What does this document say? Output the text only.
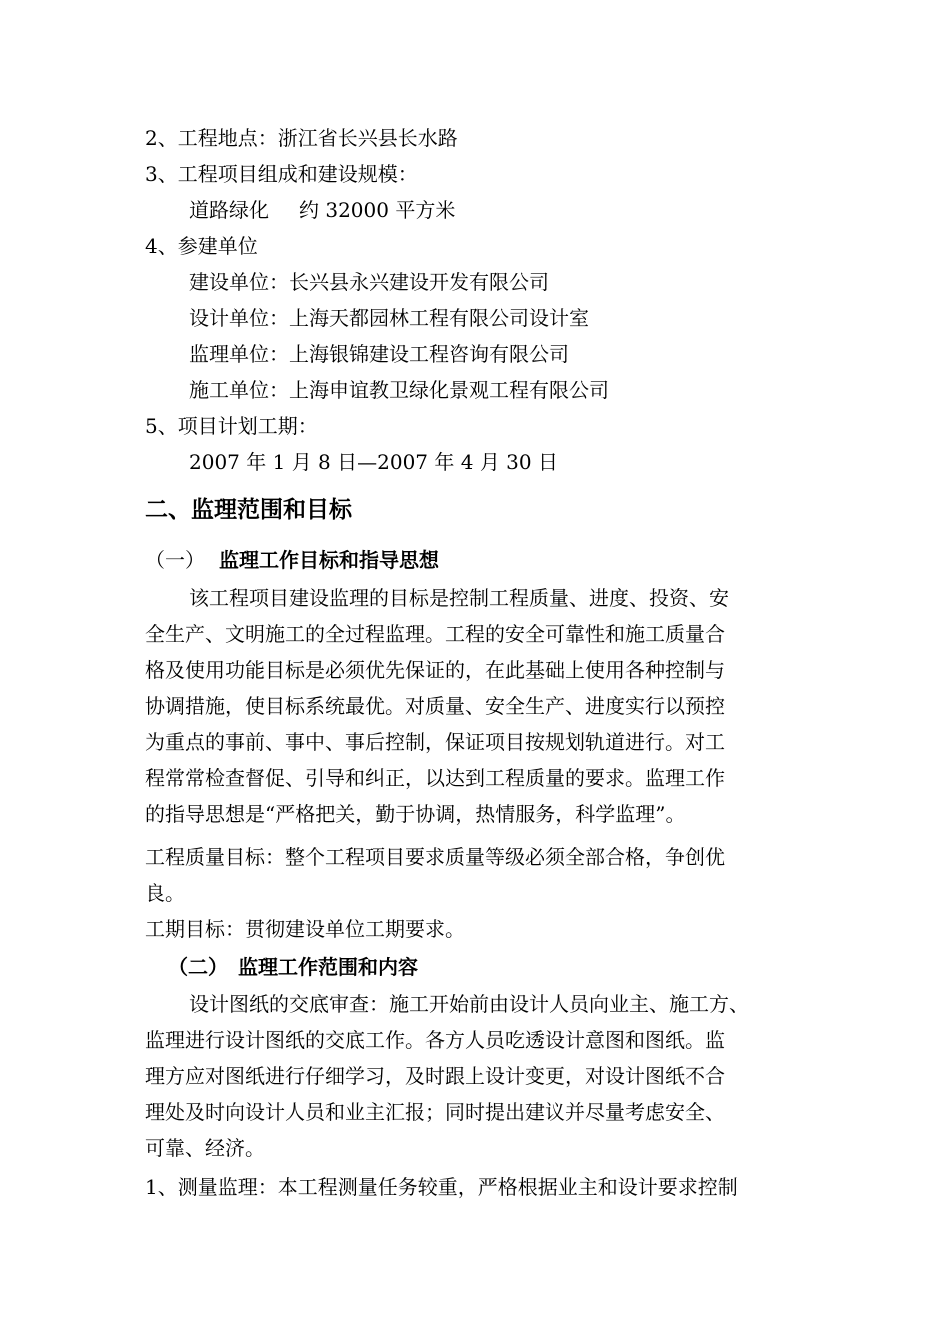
2、工程地点：浙江省长兴县长水路
3、工程项目组成和建设规模：
道路绿化 约 32000 平方米
4、参建单位
建设单位：长兴县永兴建设开发有限公司
设计单位：上海天都园林工程有限公司设计室
监理单位：上海银锦建设工程咨询有限公司
施工单位：上海申谊教卫绿化景观工程有限公司
5、项目计划工期：
2007 年 1 月 8 日—2007 年 4 月 30 日
二、监理范围和目标
（一） 监理工作目标和指导思想
该工程项目建设监理的目标是控制工程质量、进度、投资、安
全生产、文明施工的全过程监理。工程的安全可靠性和施工质量合
格及使用功能目标是必须优先保证的，在此基础上使用各种控制与
协调措施，使目标系统最优。对质量、安全生产、进度实行以预控
为重点的事前、事中、事后控制，保证项目按规划轨道进行。对工
程常常检查督促、引导和纠正，以达到工程质量的要求。监理工作
的指导思想是“严格把关，勤于协调，热情服务，科学监理”。
工程质量目标：整个工程项目要求质量等级必须全部合格，争创优
良。
工期目标：贯彻建设单位工期要求。
（二） 监理工作范围和内容
设计图纸的交底审查：施工开始前由设计人员向业主、施工方、
监理进行设计图纸的交底工作。各方人员吃透设计意图和图纸。监
理方应对图纸进行仔细学习，及时跟上设计变更，对设计图纸不合
理处及时向设计人员和业主汇报；同时提出建议并尽量考虑安全、
可靠、经济。
1、测量监理：本工程测量任务较重，严格根据业主和设计要求控制
